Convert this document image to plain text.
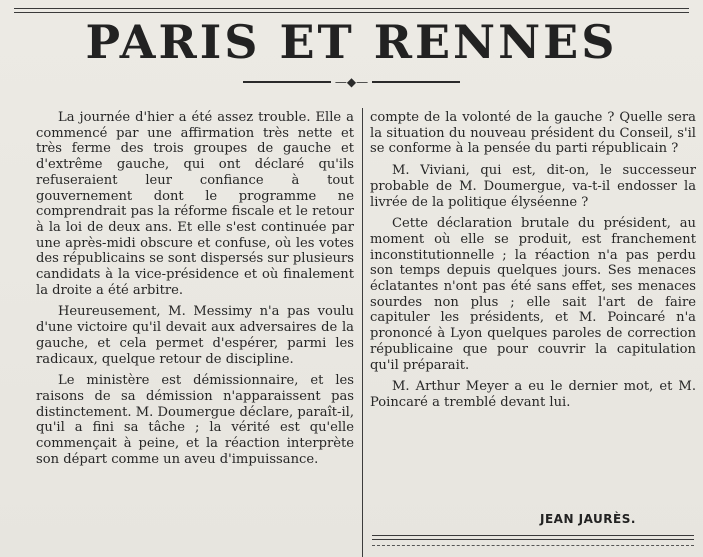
PARIS ET RENNES
—◆—

La journée d'hier a été assez trouble. Elle a commencé par une affirmation très nette et très ferme des trois groupes de gauche et d'extrême gauche, qui ont déclaré qu'ils refuseraient leur confiance à tout gouvernement dont le programme ne comprendrait pas la réforme fiscale et le retour à la loi de deux ans. Et elle s'est continuée par une après-midi obscure et confuse, où les votes des républicains se sont dispersés sur plusieurs candidats à la vice-présidence et où finalement la droite a été arbitre.

Heureusement, M. Messimy n'a pas voulu d'une victoire qu'il devait aux adversaires de la gauche, et cela permet d'espérer, parmi les radicaux, quelque retour de discipline.

Le ministère est démissionnaire, et les raisons de sa démission n'apparaissent pas distinctement. M. Doumergue déclare, paraît-il, qu'il a fini sa tâche ; la vérité est qu'elle commençait à peine, et la réaction interprète son départ comme un aveu d'impuissance.

compte de la volonté de la gauche ? Quelle sera la situation du nouveau président du Conseil, s'il se conforme à la pensée du parti républicain ?

M. Viviani, qui est, dit-on, le successeur probable de M. Doumergue, va-t-il endosser la livrée de la politique élyséenne ?

Cette déclaration brutale du président, au moment où elle se produit, est franchement inconstitutionnelle ; la réaction n'a pas perdu son temps depuis quelques jours. Ses menaces éclatantes n'ont pas été sans effet, ses menaces sourdes non plus ; elle sait l'art de faire capituler les présidents, et M. Poincaré n'a prononcé à Lyon quelques paroles de correction républicaine que pour couvrir la capitulation qu'il préparait.

M. Arthur Meyer a eu le dernier mot, et M. Poincaré a tremblé devant lui.

JEAN JAURÈS.
